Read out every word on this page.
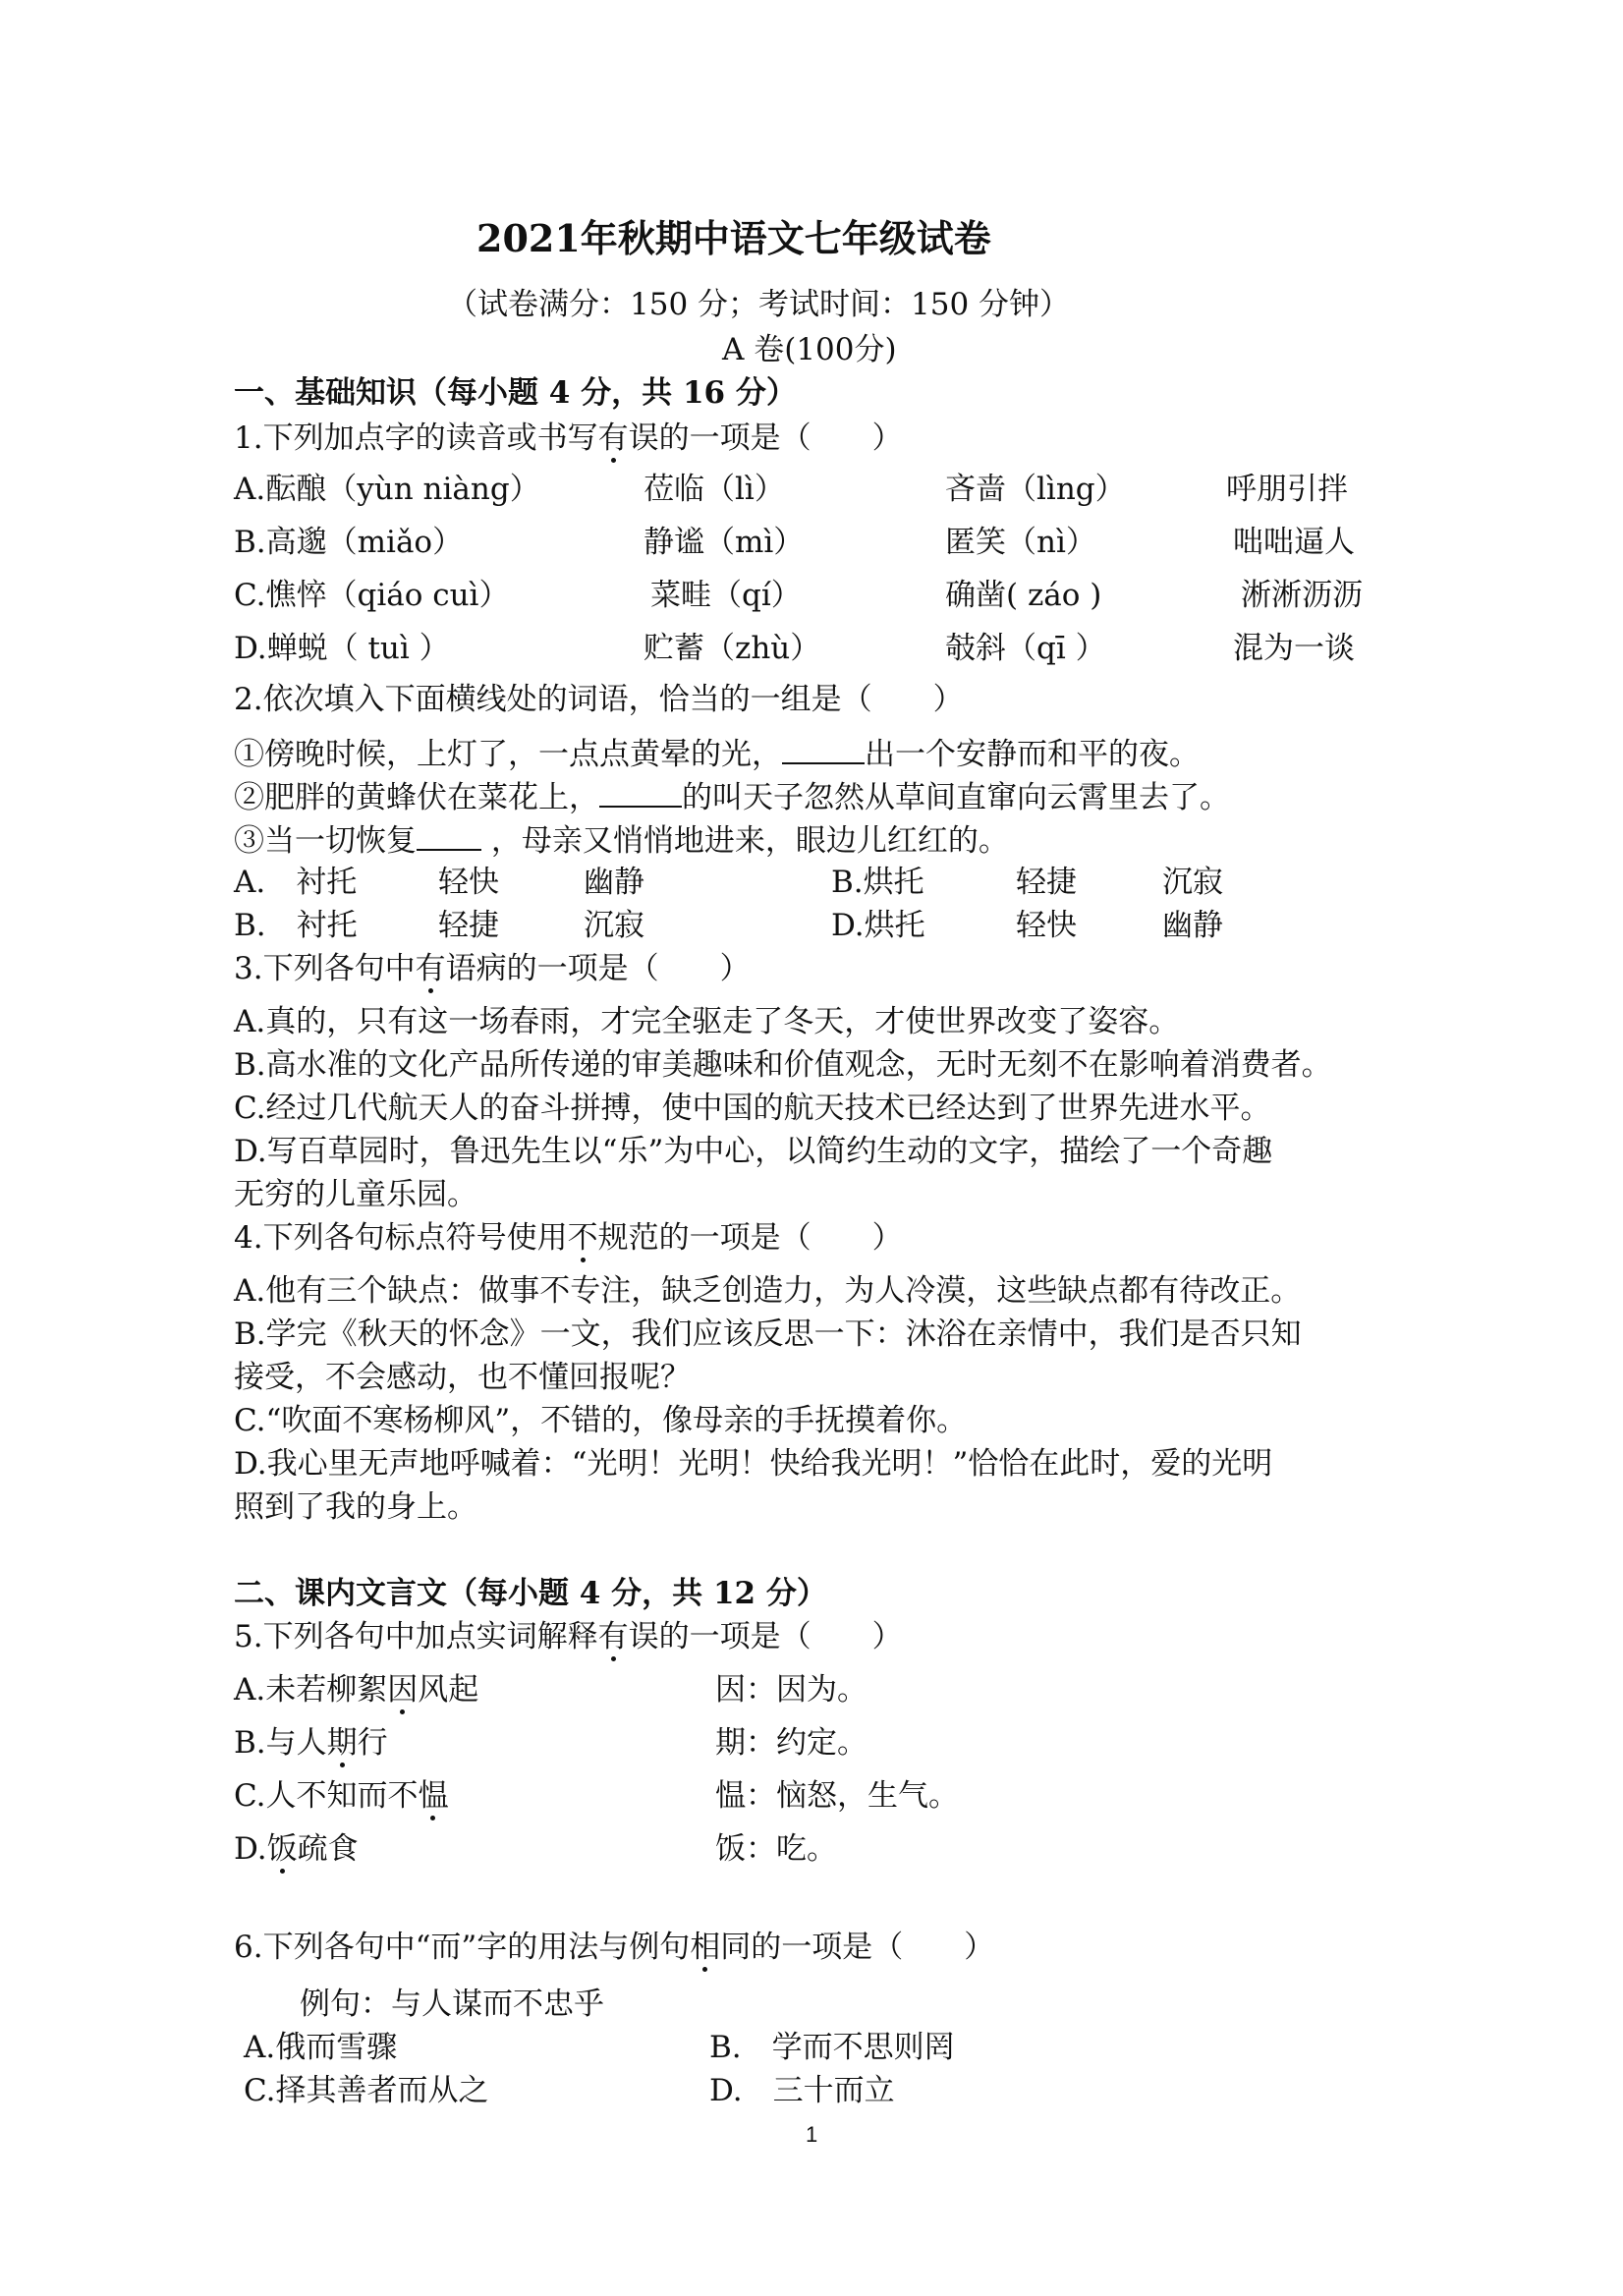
2021年秋期中语文七年级试卷
（试卷满分：150 分；考试时间：150 分钟）
A 卷(100分)
一、基础知识（每小题 4 分，共 16 分）
1.下列加点字的读音或书写有误的一项是（　　）
A.酝酿（yùn niàng）	莅临（lì）	吝啬（lìng）	呼朋引拌
B.高邈（miǎo）	静谧（mì）	匿笑（nì）	咄咄逼人
C.憔悴（qiáo cuì）	菜畦（qí）	确凿( záo )	淅淅沥沥
D.蝉蜕（ tuì ）	贮蓄（zhù）	攲斜（qī ）	混为一谈
2.依次填入下面横线处的词语，恰当的一组是（　　）
①傍晚时候，上灯了，一点点黄晕的光，	出一个安静而和平的夜。
②肥胖的黄蜂伏在菜花上，	的叫天子忽然从草间直窜向云霄里去了。
③当一切恢复 ，母亲又悄悄地进来，眼边儿红红的。
A.　衬托	轻快	幽静	B.烘托	轻捷	沉寂
B.　衬托	轻捷	沉寂	D.烘托	轻快	幽静
3.下列各句中有语病的一项是（　　）
A.真的，只有这一场春雨，才完全驱走了冬天，才使世界改变了姿容。
B.高水准的文化产品所传递的审美趣味和价值观念，无时无刻不在影响着消费者。
C.经过几代航天人的奋斗拼搏，使中国的航天技术已经达到了世界先进水平。
D.写百草园时，鲁迅先生以“乐”为中心，以简约生动的文字，描绘了一个奇趣
无穷的儿童乐园。
4.下列各句标点符号使用不规范的一项是（　　）
A.他有三个缺点：做事不专注，缺乏创造力，为人冷漠，这些缺点都有待改正。
B.学完《秋天的怀念》一文，我们应该反思一下：沐浴在亲情中，我们是否只知
接受，不会感动，也不懂回报呢？
C.“吹面不寒杨柳风”，不错的，像母亲的手抚摸着你。
D.我心里无声地呼喊着：“光明！光明！快给我光明！”恰恰在此时，爱的光明
照到了我的身上。
二、课内文言文（每小题 4 分，共 12 分）
5.下列各句中加点实词解释有误的一项是（　　）
A.未若柳絮因风起	因：因为。
B.与人期行	期：约定。
C.人不知而不愠	愠：恼怒，生气。
D.饭疏食	饭：吃。
6.下列各句中“而”字的用法与例句相同的一项是（　　）
例句：与人谋而不忠乎
A.俄而雪骤	B.　学而不思则罔
C.择其善者而从之	D.　三十而立
1
